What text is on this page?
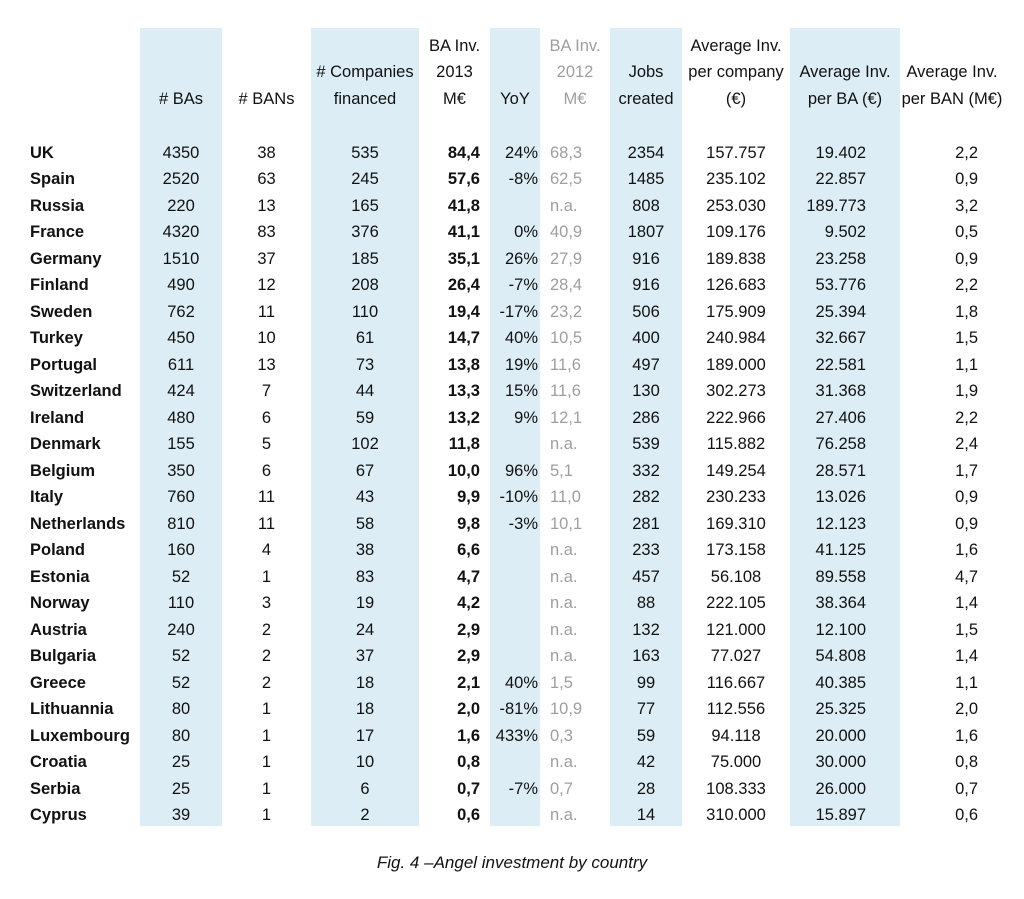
	# BAs	# BANs	# Companies financed	BA Inv. 2013 M€	YoY	BA Inv. 2012 M€	Jobs created	Average Inv. per company (€)	Average Inv. per BA (€)	Average Inv. per BAN (M€)

UK	4350	38	535	84,4	24%	68,3	2354	157.757	19.402	2,2
Spain	2520	63	245	57,6	-8%	62,5	1485	235.102	22.857	0,9
Russia	220	13	165	41,8		n.a.	808	253.030	189.773	3,2
France	4320	83	376	41,1	0%	40,9	1807	109.176	9.502	0,5
Germany	1510	37	185	35,1	26%	27,9	916	189.838	23.258	0,9
Finland	490	12	208	26,4	-7%	28,4	916	126.683	53.776	2,2
Sweden	762	11	110	19,4	-17%	23,2	506	175.909	25.394	1,8
Turkey	450	10	61	14,7	40%	10,5	400	240.984	32.667	1,5
Portugal	611	13	73	13,8	19%	11,6	497	189.000	22.581	1,1
Switzerland	424	7	44	13,3	15%	11,6	130	302.273	31.368	1,9
Ireland	480	6	59	13,2	9%	12,1	286	222.966	27.406	2,2
Denmark	155	5	102	11,8		n.a.	539	115.882	76.258	2,4
Belgium	350	6	67	10,0	96%	5,1	332	149.254	28.571	1,7
Italy	760	11	43	9,9	-10%	11,0	282	230.233	13.026	0,9
Netherlands	810	11	58	9,8	-3%	10,1	281	169.310	12.123	0,9
Poland	160	4	38	6,6		n.a.	233	173.158	41.125	1,6
Estonia	52	1	83	4,7		n.a.	457	56.108	89.558	4,7
Norway	110	3	19	4,2		n.a.	88	222.105	38.364	1,4
Austria	240	2	24	2,9		n.a.	132	121.000	12.100	1,5
Bulgaria	52	2	37	2,9		n.a.	163	77.027	54.808	1,4
Greece	52	2	18	2,1	40%	1,5	99	116.667	40.385	1,1
Lithuannia	80	1	18	2,0	-81%	10,9	77	112.556	25.325	2,0
Luxembourg	80	1	17	1,6	433%	0,3	59	94.118	20.000	1,6
Croatia	25	1	10	0,8		n.a.	42	75.000	30.000	0,8
Serbia	25	1	6	0,7	-7%	0,7	28	108.333	26.000	0,7
Cyprus	39	1	2	0,6		n.a.	14	310.000	15.897	0,6
Fig. 4 –Angel investment by country
